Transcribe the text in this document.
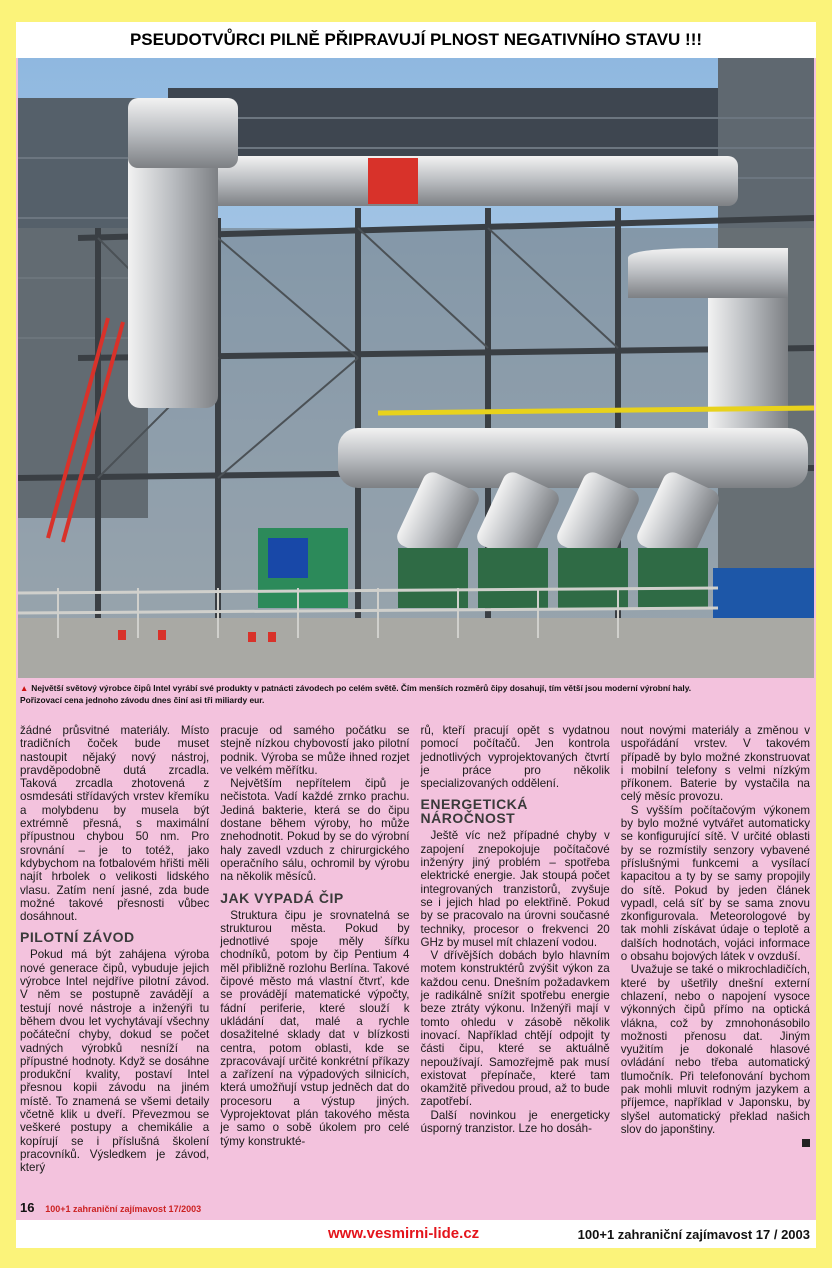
PSEUDOTVŮRCI PILNĚ PŘIPRAVUJÍ PLNOST NEGATIVNÍHO STAVU !!!
▲ Největší světový výrobce čipů Intel vyrábí své produkty v patnácti závodech po celém světě. Čím menších rozměrů čipy dosahují, tím větší jsou moderní výrobní haly.
Pořizovací cena jednoho závodu dnes činí asi tři miliardy eur.

žádné průsvitné materiály. Místo tradičních čoček bude muset nastoupit nějaký nový nástroj, pravděpodobně dutá zrcadla. Taková zrcadla zhotovená z osmdesáti střídavých vrstev křemíku a molybdenu by musela být extrémně přesná, s maximální přípustnou chybou 50 nm. Pro srovnání – je to totéž, jako kdybychom na fotbalovém hřišti měli najít hrbolek o velikosti lidského vlasu. Zatím není jasné, zda bude možné takové přesnosti vůbec dosáhnout.

PILOTNÍ ZÁVOD

Pokud má být zahájena výroba nové generace čipů, vybuduje jejich výrobce Intel nejdříve pilotní závod. V něm se postupně zavádějí a testují nové nástroje a inženýři tu během dvou let vychytávají všechny počáteční chyby, dokud se počet vadných výrobků nesníží na přípustné hodnoty. Když se dosáhne produkční kvality, postaví Intel přesnou kopii závodu na jiném místě. To znamená se všemi detaily včetně klik u dveří. Převezmou se veškeré postupy a chemikálie a kopírují se i příslušná školení pracovníků. Výsledkem je závod, který

pracuje od samého počátku se stejně nízkou chybovostí jako pilotní podnik. Výroba se může ihned rozjet ve velkém měřítku.

Největším nepřítelem čipů je nečistota. Vadí každé zrnko prachu. Jediná bakterie, která se do čipu dostane během výroby, ho může znehodnotit. Pokud by se do výrobní haly zavedl vzduch z chirurgického operačního sálu, ochromil by výrobu na několik měsíců.

JAK VYPADÁ ČIP

Struktura čipu je srovnatelná se strukturou města. Pokud by jednotlivé spoje měly šířku chodníků, potom by čip Pentium 4 měl přibližně rozlohu Berlína. Takové čipové město má vlastní čtvrť, kde se provádějí matematické výpočty, fádní periferie, které slouží k ukládání dat, malé a rychle dosažitelné sklady dat v blízkosti centra, potom oblasti, kde se zpracovávají určité konkrétní příkazy a zařízení na výpadových silnicích, která umožňují vstup jedněch dat do procesoru a výstup jiných. Vyprojektovat plán takového města je samo o sobě úkolem pro celé týmy konstrukté-

rů, kteří pracují opět s vydatnou pomocí počítačů. Jen kontrola jednotlivých vyprojektovaných čtvrtí je práce pro několik specializovaných oddělení.

ENERGETICKÁ NÁROČNOST

Ještě víc než případné chyby v zapojení znepokojuje počítačové inženýry jiný problém – spotřeba elektrické energie. Jak stoupá počet integrovaných tranzistorů, zvyšuje se i jejich hlad po elektřině. Pokud by se pracovalo na úrovni současné techniky, procesor o frekvenci 20 GHz by musel mít chlazení vodou.

V dřívějších dobách bylo hlavním motem konstruktérů zvýšit výkon za každou cenu. Dnešním požadavkem je radikálně snížit spotřebu energie beze ztráty výkonu. Inženýři mají v tomto ohledu v zásobě několik inovací. Například chtějí odpojit ty části čipu, které se aktuálně nepoužívají. Samozřejmě pak musí existovat přepínače, které tam okamžitě přivedou proud, až to bude zapotřebí.

Další novinkou je energeticky úsporný tranzistor. Lze ho dosáh-

nout novými materiály a změnou v uspořádání vrstev. V takovém případě by bylo možné zkonstruovat i mobilní telefony s velmi nízkým příkonem. Baterie by vystačila na celý měsíc provozu.

S vyšším počítačovým výkonem by bylo možné vytvářet automaticky se konfigurující sítě. V určité oblasti by se rozmístily senzory vybavené příslušnými funkcemi a vysílací kapacitou a ty by se samy propojily do sítě. Pokud by jeden článek vypadl, celá síť by se sama znovu zkonfigurovala. Meteorologové by tak mohli získávat údaje o teplotě a dalších hodnotách, vojáci informace o obsahu bojových látek v ovzduší.

Uvažuje se také o mikrochladičích, které by ušetřily dnešní externí chlazení, nebo o napojení vysoce výkonných čipů přímo na optická vlákna, což by zmnohonásobilo možnosti přenosu dat. Jiným využitím je dokonalé hlasové ovládání nebo třeba automatický tlumočník. Při telefonování bychom pak mohli mluvit rodným jazykem a příjemce, například v Japonsku, by slyšel automatický překlad našich slov do japonštiny.

16 100+1 zahraniční zajímavost 17/2003
www.vesmirni-lide.cz	100+1 zahraniční zajímavost 17 / 2003
